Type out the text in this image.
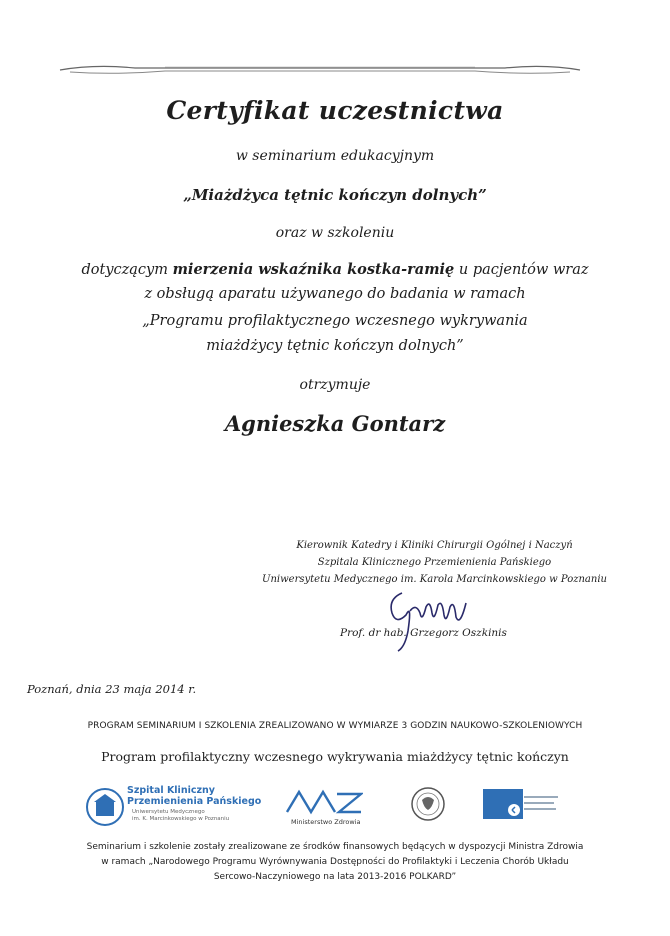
Certyfikat uczestnictwa
w seminarium edukacyjnym
„Miażdżyca tętnic kończyn dolnych”
oraz w szkoleniu
dotyczącym mierzenia wskaźnika kostka-ramię u pacjentów wraz
z obsługą aparatu używanego do badania w ramach
„Programu profilaktycznego wczesnego wykrywania
miażdżycy tętnic kończyn dolnych”
otrzymuje
Agnieszka Gontarz
Kierownik Katedry i Kliniki Chirurgii Ogólnej i Naczyń
Szpitala Klinicznego Przemienienia Pańskiego
Uniwersytetu Medycznego im. Karola Marcinkowskiego w Poznaniu
Prof. dr hab. Grzegorz Oszkinis
Poznań, dnia 23 maja 2014 r.
PROGRAM SEMINARIUM I SZKOLENIA ZREALIZOWANO W WYMIARZE 3 GODZIN NAUKOWO-SZKOLENIOWYCH
Program profilaktyczny wczesnego wykrywania miażdżycy tętnic kończyn
Szpital Kliniczny
Przemienienia Pańskiego
Uniwersytetu Medycznego
im. K. Marcinkowskiego w Poznaniu	Ministerstwo Zdrowia
Seminarium i szkolenie zostały zrealizowane ze środków finansowych będących w dyspozycji Ministra Zdrowia
w ramach „Narodowego Programu Wyrównywania Dostępności do Profilaktyki i Leczenia Chorób Układu
Sercowo-Naczyniowego na lata 2013-2016 POLKARD”
